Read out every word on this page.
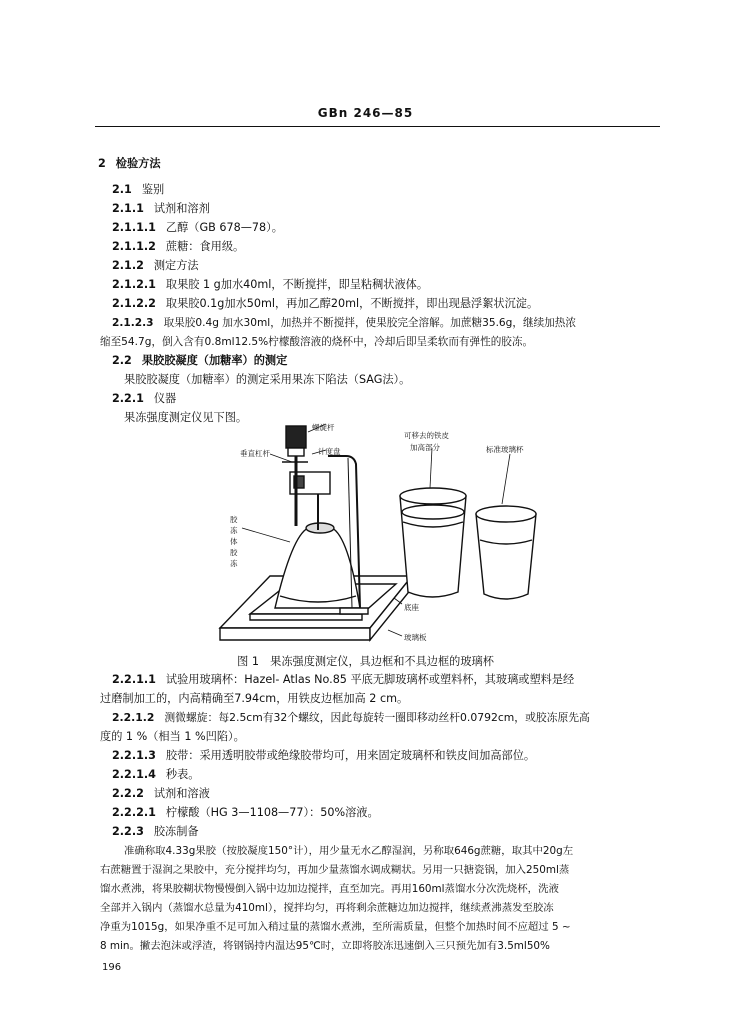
GBn 246—85
2 检验方法
2.1 鉴别
2.1.1 试剂和溶剂
2.1.1.1 乙醇（GB 678—78）。
2.1.1.2 蔗糖：食用级。
2.1.2 测定方法
2.1.2.1 取果胶 1 g加水40ml，不断搅拌，即呈粘稠状液体。
2.1.2.2 取果胶0.1g加水50ml，再加乙醇20ml，不断搅拌，即出现悬浮絮状沉淀。
2.1.2.3 取果胶0.4g 加水30ml，加热并不断搅拌，使果胶完全溶解。加蔗糖35.6g，继续加热浓
缩至54.7g，倒入含有0.8ml12.5%柠檬酸溶液的烧杯中，冷却后即呈柔软而有弹性的胶冻。
2.2 果胶胶凝度（加糖率）的测定
果胶胶凝度（加糖率）的测定采用果冻下陷法（SAG法）。
2.2.1 仪器
果冻强度测定仪见下图。
螺旋杆
垂直杠杆	计度盘
可移去的铁皮
加高部分	标准玻璃杯
胶冻体胶冻
底座
玻璃板
图 1　果冻强度测定仪，具边框和不具边框的玻璃杯
2.2.1.1 试验用玻璃杯：Hazel- Atlas No.85 平底无脚玻璃杯或塑料杯，其玻璃或塑料是经
过磨制加工的，内高精确至7.94cm，用铁皮边框加高 2 cm。
2.2.1.2 测微螺旋：每2.5cm有32个螺纹，因此每旋转一圈即移动丝杆0.0792cm，或胶冻原先高
度的 1 %（相当 1 %凹陷）。
2.2.1.3 胶带：采用透明胶带或绝缘胶带均可，用来固定玻璃杯和铁皮间加高部位。
2.2.1.4 秒表。
2.2.2 试剂和溶液
2.2.2.1 柠檬酸（HG 3—1108—77）：50%溶液。
2.2.3 胶冻制备
准确称取4.33g果胶（按胶凝度150°计），用少量无水乙醇湿润，另称取646g蔗糖，取其中20g左
右蔗糖置于湿润之果胶中，充分搅拌均匀，再加少量蒸馏水调成糊状。另用一只搪瓷锅，加入250ml蒸
馏水煮沸，将果胶糊状物慢慢倒入锅中边加边搅拌，直至加完。再用160ml蒸馏水分次洗烧杯，洗液
全部并入锅内（蒸馏水总量为410ml），搅拌均匀，再将剩余蔗糖边加边搅拌，继续煮沸蒸发至胶冻
净重为1015g，如果净重不足可加入稍过量的蒸馏水煮沸，至所需质量，但整个加热时间不应超过 5 ~
8 min。撇去泡沫或浮渣，将钢锅持内温达95℃时，立即将胶冻迅速倒入三只预先加有3.5ml50%
196
